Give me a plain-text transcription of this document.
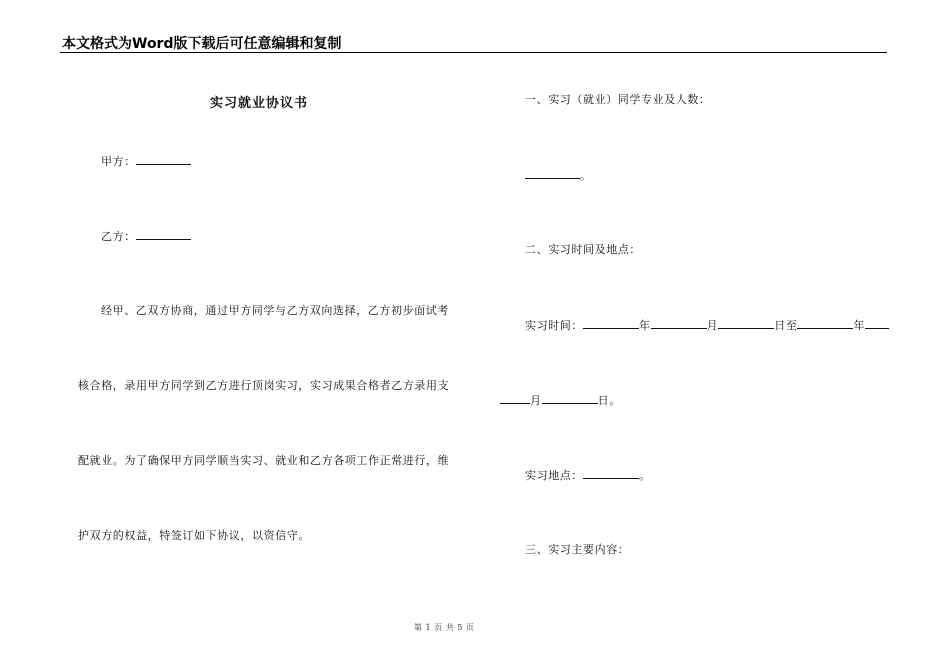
本文格式为Word版下载后可任意编辑和复制
实习就业协议书
甲方：
乙方：
经甲、乙双方协商，通过甲方同学与乙方双向选择，乙方初步面试考
核合格，录用甲方同学到乙方进行顶岗实习，实习成果合格者乙方录用支
配就业。为了确保甲方同学顺当实习、就业和乙方各项工作正常进行，维
护双方的权益，特签订如下协议，以资信守。
一、实习（就业）同学专业及人数：
。
二、实习时间及地点：
实习时间：	年	月	日至	年
月	日。
实习地点：	。
三、实习主要内容：
第 1 页 共 5 页
